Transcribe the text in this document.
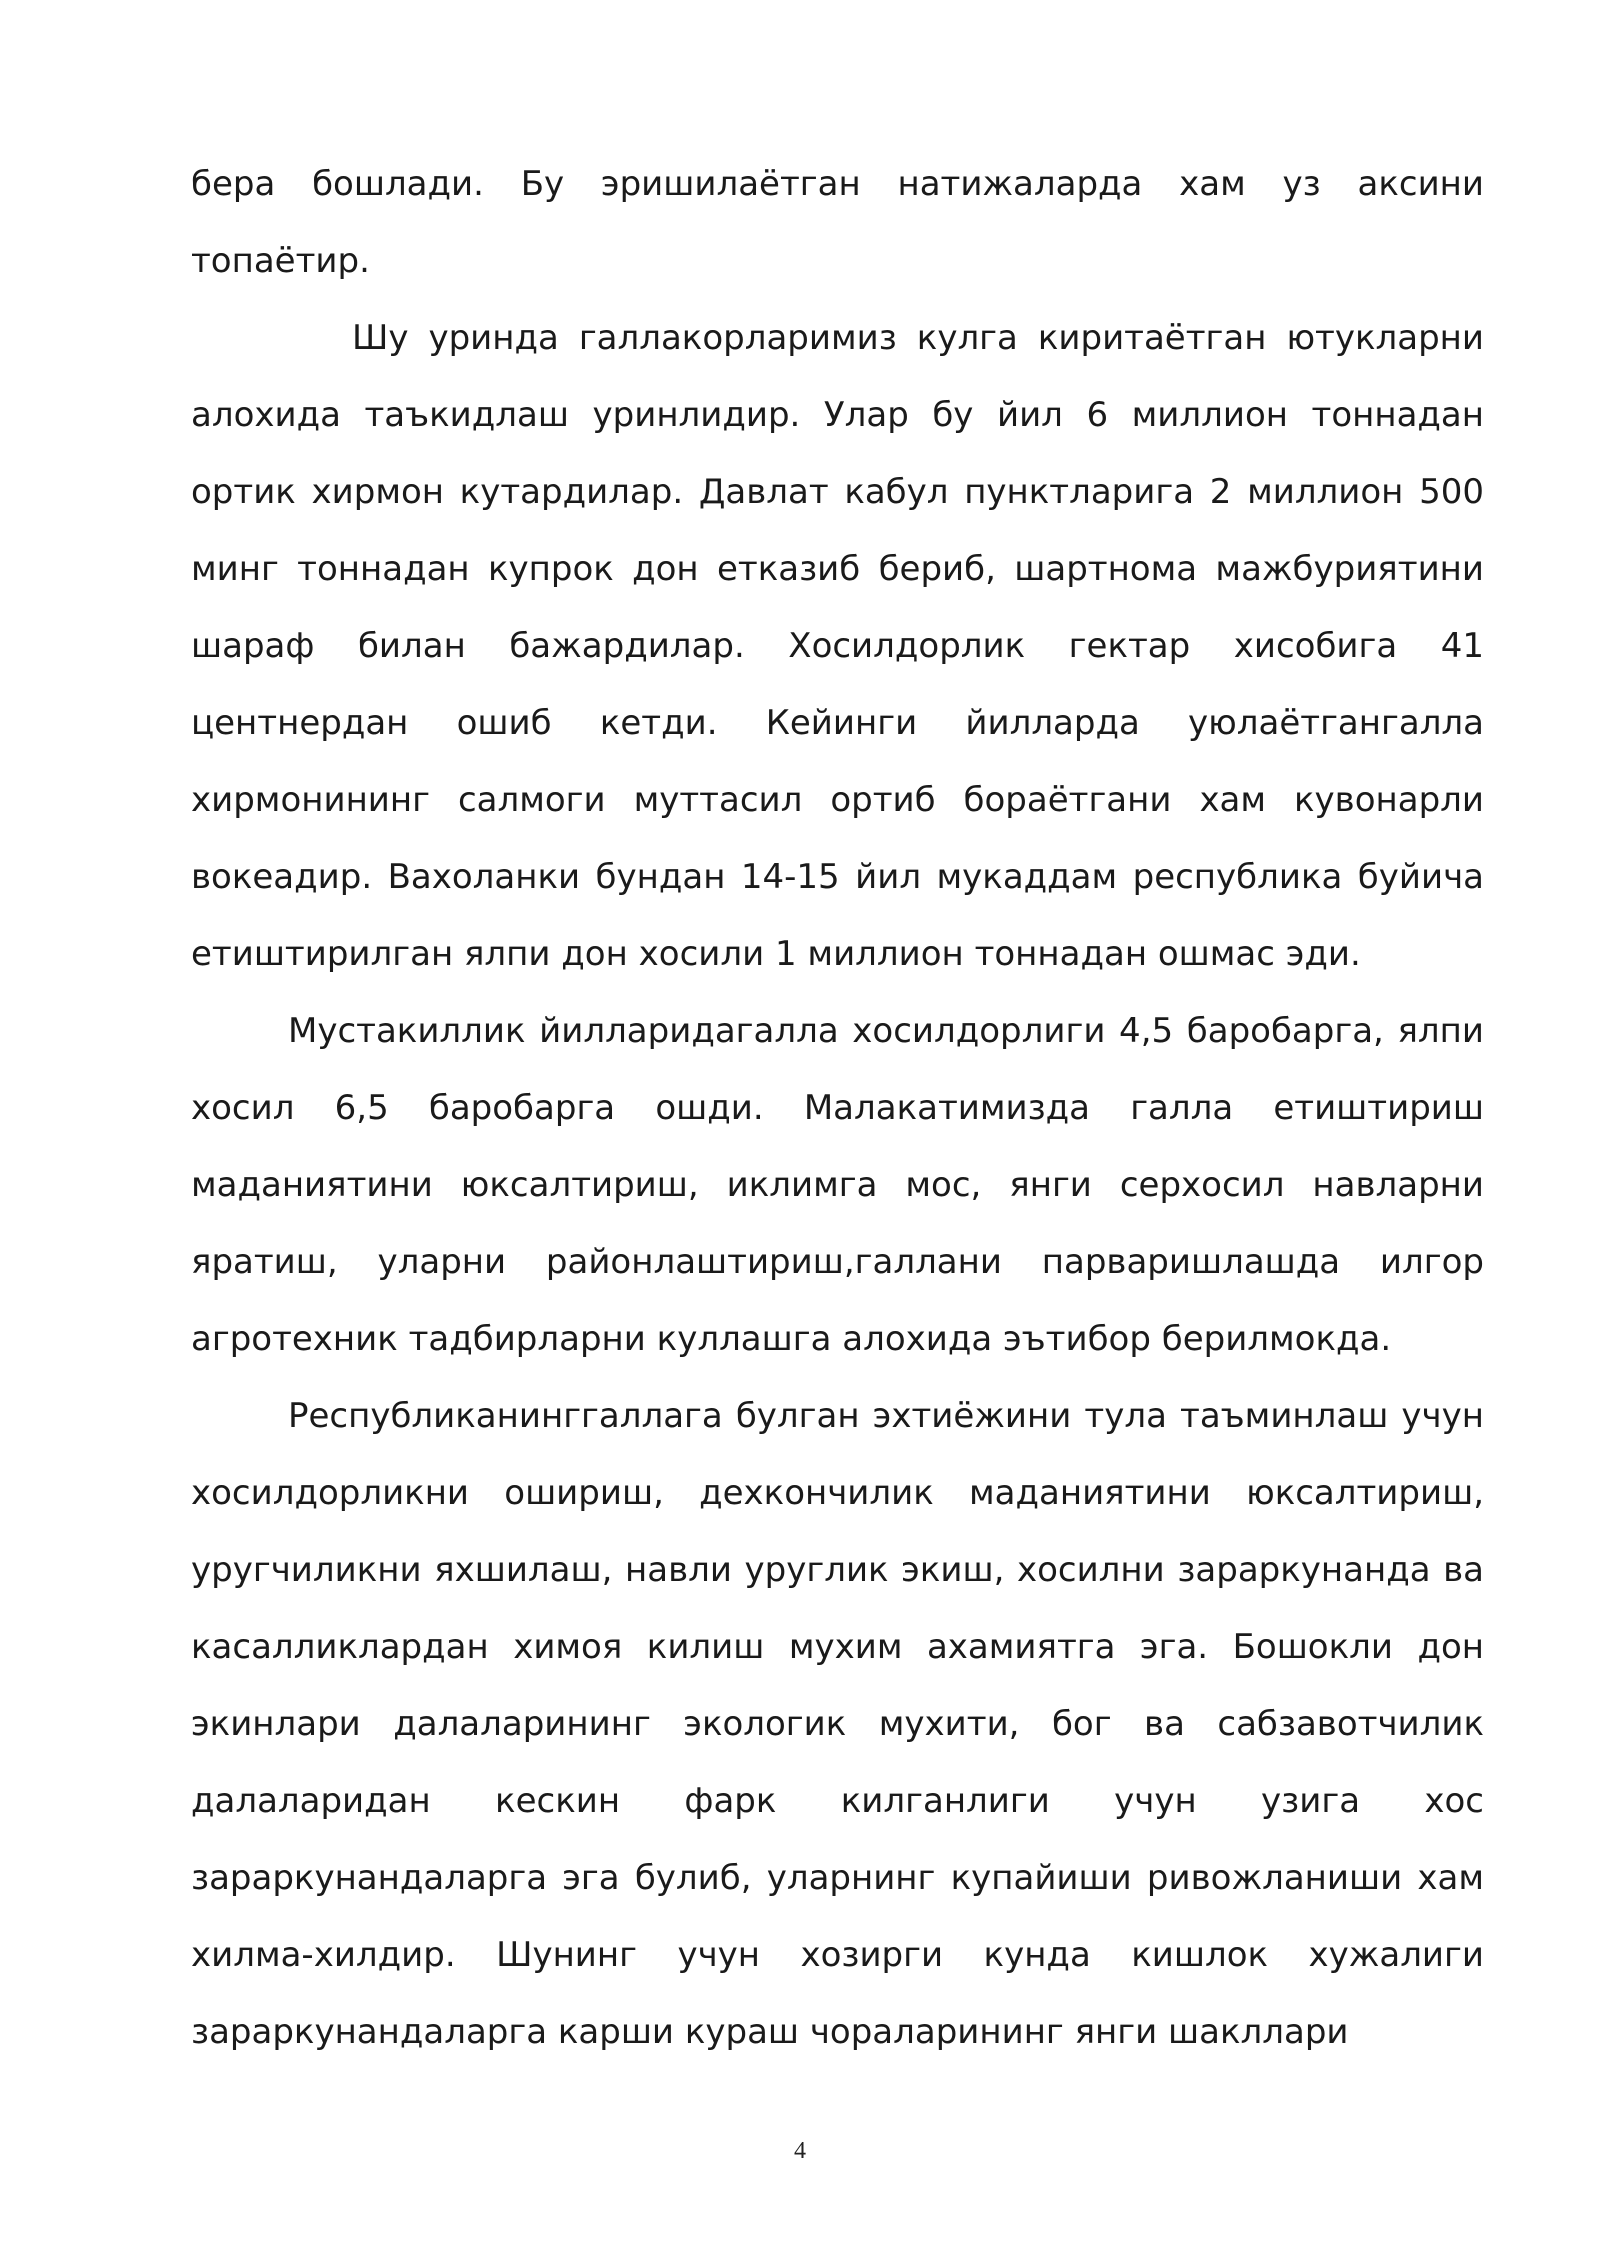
бера бошлади. Бу эришилаётган натижаларда хам уз аксини топаётир.

Шу уринда галлакорларимиз кулга киритаётган ютукларни алохида таъкидлаш уринлидир. Улар бу йил 6 миллион тоннадан ортик хирмон кутардилар. Давлат кабул пунктларига 2 миллион 500 минг тоннадан купрок дон етказиб бериб, шартнома мажбуриятини шараф билан бажардилар. Хосилдорлик гектар хисобига 41 центнердан ошиб кетди. Кейинги йилларда уюлаётгангалла хирмонининг салмоги муттасил ортиб бораётгани хам кувонарли вокеадир. Вахоланки бундан 14-15 йил мукаддам республика буйича етиштирилган ялпи дон хосили 1 миллион тоннадан ошмас эди.

Мустакиллик йилларидагалла хосилдорлиги 4,5 баробарга, ялпи хосил 6,5 баробарга ошди. Малакатимизда галла етиштириш маданиятини юксалтириш, иклимга мос, янги серхосил навларни яратиш, уларни районлаштириш,галлани парваришлашда илгор агротехник тадбирларни куллашга алохида эътибор берилмокда.

Республиканинггаллага булган эхтиёжини тула таъминлаш учун хосилдорликни ошириш, дехкончилик маданиятини юксалтириш, уругчиликни яхшилаш, навли уруглик экиш, хосилни зараркунанда ва касалликлардан химоя килиш мухим ахамиятга эга. Бошокли дон экинлари далаларининг экологик мухити, бог ва сабзавотчилик далаларидан кескин фарк килганлиги учун узига хос зараркунандаларга эга булиб, уларнинг купайиши ривожланиши хам хилма-хилдир. Шунинг учун хозирги кунда кишлок хужалиги зараркунандаларга карши кураш чораларининг янги шакллари

4
